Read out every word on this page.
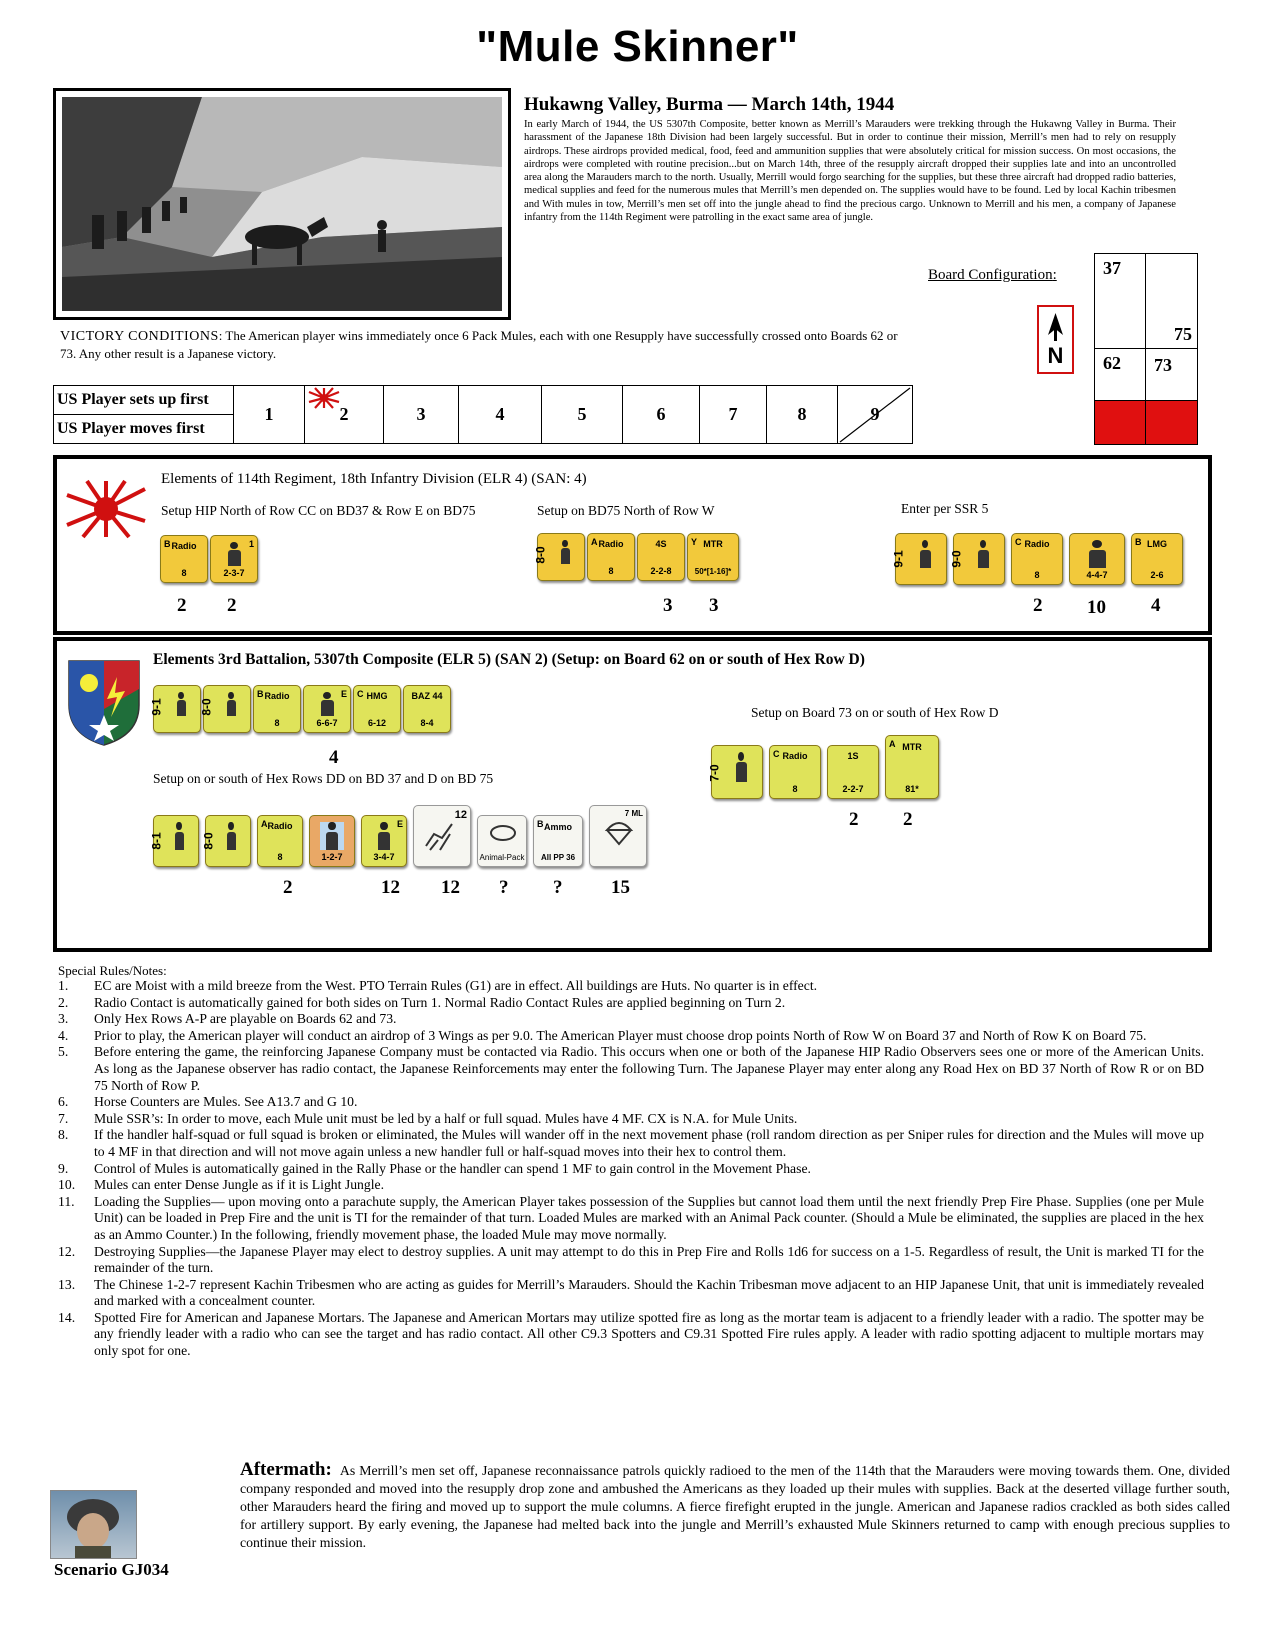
"Mule Skinner"
Hukawng Valley, Burma — March 14th, 1944
In early March of 1944, the US 5307th Composite, better known as Merrill’s Marauders were trekking through the Hukawng Valley in Burma. Their harassment of the Japanese 18th Division had been largely successful. But in order to continue their mission, Merrill’s men had to rely on resupply airdrops. These airdrops provided medical, food, feed and ammunition supplies that were absolutely critical for mission success. On most occasions, the airdrops were completed with routine precision...but on March 14th, three of the resupply aircraft dropped their supplies late and into an uncontrolled area along the Marauders march to the north. Usually, Merrill would forgo searching for the supplies, but these three aircraft had dropped radio batteries, medical supplies and feed for the numerous mules that Merrill’s men depended on. The supplies would have to be found. Led by local Kachin tribesmen and With mules in tow, Merrill’s men set off into the jungle ahead to find the precious cargo. Unknown to Merrill and his men, a company of Japanese infantry from the 114th Regiment were patrolling in the exact same area of jungle.
Board Configuration:	37
75
62	73
N
VICTORY CONDITIONS: The American player wins immediately once 6 Pack Mules, each with one Resupply have successfully crossed onto Boards 62 or 73. Any other result is a Japanese victory.
US Player sets up first	1	2	3	4	5	6	7	8	9
US Player moves first
Elements of 114th Regiment, 18th Infantry Division (ELR 4) (SAN: 4)
Setup HIP North of Row CC on BD37 & Row E on BD75
B Radio
8
1
2-3-7
2 2
Setup on BD75 North of Row W
8-0
A Radio
8
4S
2-2-8
Y MTR
50*[1-16]*
3 3
Enter per SSR 5
9-1	9-0
C Radio
8	4-4-7
B LMG
2-6
2 10 4
Elements 3rd Battalion, 5307th Composite (ELR 5) (SAN 2) (Setup: on Board 62 on or south of Hex Row D)
9-1	8-0
B Radio
8
E
6-6-7
C HMG
6-12
BAZ 44
8-4
4
Setup on or south of Hex Rows DD on BD 37 and D on BD 75
8-1	8-0
A Radio
8	1-2-7
E
3-4-7
12
Animal-Pack
B Ammo
All PP 36
7 ML
2	12 12 ? ?	15
Setup on Board 73 on or south of Hex Row D
7-0
C Radio
8
1S
2-2-7
A MTR
81*
2 2
Special Rules/Notes:
1. EC are Moist with a mild breeze from the West. PTO Terrain Rules (G1) are in effect. All buildings are Huts. No quarter is in effect.
2. Radio Contact is automatically gained for both sides on Turn 1. Normal Radio Contact Rules are applied beginning on Turn 2.
3. Only Hex Rows A-P are playable on Boards 62 and 73.
4. Prior to play, the American player will conduct an airdrop of 3 Wings as per 9.0. The American Player must choose drop points North of Row W on Board 37 and North of Row K on Board 75.
5. Before entering the game, the reinforcing Japanese Company must be contacted via Radio. This occurs when one or both of the Japanese HIP Radio Observers sees one or more of the American Units. As long as the Japanese observer has radio contact, the Japanese Reinforcements may enter the following Turn. The Japanese Player may enter along any Road Hex on BD 37 North of Row R or on BD 75 North of Row P.
6. Horse Counters are Mules. See A13.7 and G 10.
7. Mule SSR’s: In order to move, each Mule unit must be led by a half or full squad. Mules have 4 MF. CX is N.A. for Mule Units.
8. If the handler half-squad or full squad is broken or eliminated, the Mules will wander off in the next movement phase (roll random direction as per Sniper rules for direction and the Mules will move up to 4 MF in that direction and will not move again unless a new handler full or half-squad moves into their hex to control them.
9. Control of Mules is automatically gained in the Rally Phase or the handler can spend 1 MF to gain control in the Movement Phase.
10. Mules can enter Dense Jungle as if it is Light Jungle.
11. Loading the Supplies— upon moving onto a parachute supply, the American Player takes possession of the Supplies but cannot load them until the next friendly Prep Fire Phase. Supplies (one per Mule Unit) can be loaded in Prep Fire and the unit is TI for the remainder of that turn. Loaded Mules are marked with an Animal Pack counter. (Should a Mule be eliminated, the supplies are placed in the hex as an Ammo Counter.) In the following, friendly movement phase, the loaded Mule may move normally.
12. Destroying Supplies—the Japanese Player may elect to destroy supplies. A unit may attempt to do this in Prep Fire and Rolls 1d6 for success on a 1-5. Regardless of result, the Unit is marked TI for the remainder of the turn.
13. The Chinese 1-2-7 represent Kachin Tribesmen who are acting as guides for Merrill’s Marauders. Should the Kachin Tribesman move adjacent to an HIP Japanese Unit, that unit is immediately revealed and marked with a concealment counter.
14. Spotted Fire for American and Japanese Mortars. The Japanese and American Mortars may utilize spotted fire as long as the mortar team is adjacent to a friendly leader with a radio. The spotter may be any friendly leader with a radio who can see the target and has radio contact. All other C9.3 Spotters and C9.31 Spotted Fire rules apply. A leader with radio spotting adjacent to multiple mortars may only spot for one.
Aftermath: As Merrill’s men set off, Japanese reconnaissance patrols quickly radioed to the men of the 114th that the Marauders were moving towards them. One, divided company responded and moved into the resupply drop zone and ambushed the Americans as they loaded up their mules with supplies. Back at the deserted village further south, other Marauders heard the firing and moved up to support the mule columns. A fierce firefight erupted in the jungle. American and Japanese radios crackled as both sides called for artillery support. By early evening, the Japanese had melted back into the jungle and Merrill’s exhausted Mule Skinners returned to camp with enough precious supplies to continue their mission.
Scenario GJ034
